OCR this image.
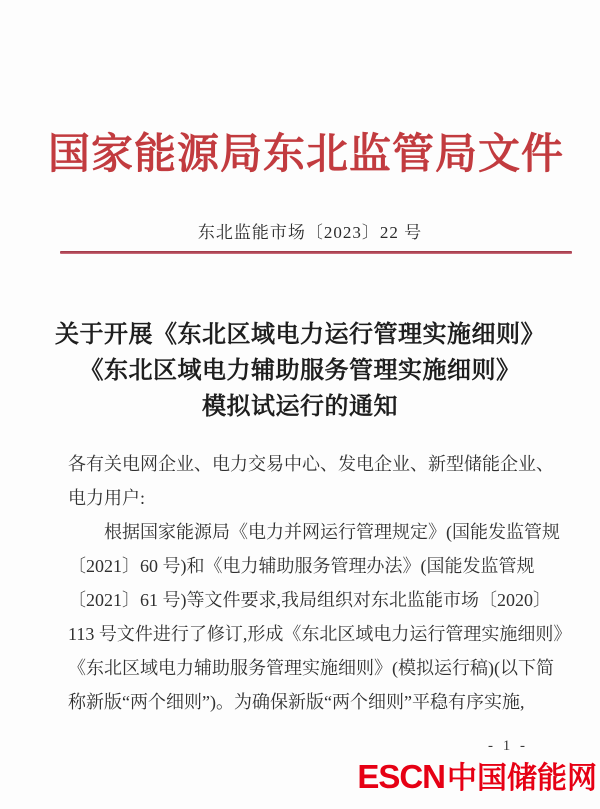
国家能源局东北监管局文件
东北监能市场〔2023〕22 号
关于开展《东北区域电力运行管理实施细则》
《东北区域电力辅助服务管理实施细则》
模拟试运行的通知
各有关电网企业、电力交易中心、发电企业、新型储能企业、
电力用户:
根据国家能源局《电力并网运行管理规定》(国能发监管规
〔2021〕60 号)和《电力辅助服务管理办法》(国能发监管规
〔2021〕61 号)等文件要求,我局组织对东北监能市场〔2020〕
113 号文件进行了修订,形成《东北区域电力运行管理实施细则》
《东北区域电力辅助服务管理实施细则》(模拟运行稿)(以下简
称新版“两个细则”)。为确保新版“两个细则”平稳有序实施,
- 1 -
ESCN 中国储能网
